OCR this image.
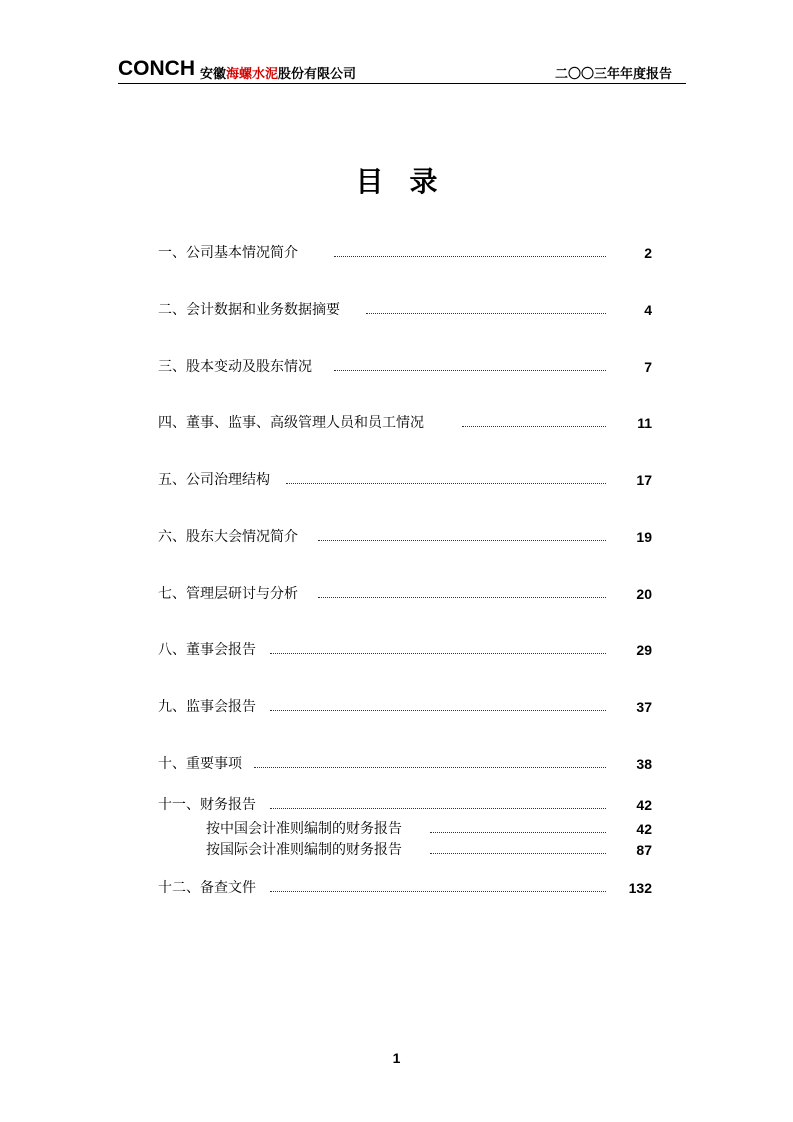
CONCH 安徽海螺水泥股份有限公司	二〇〇三年年度报告
目录
一、公司基本情况简介	2
二、会计数据和业务数据摘要	4
三、股本变动及股东情况	7
四、董事、监事、高级管理人员和员工情况	11
五、公司治理结构	17
六、股东大会情况简介	19
七、管理层研讨与分析	20
八、董事会报告	29
九、监事会报告	37
十、重要事项	38
十一、财务报告	42
按中国会计准则编制的财务报告	42
按国际会计准则编制的财务报告	87
十二、备查文件	132
1
